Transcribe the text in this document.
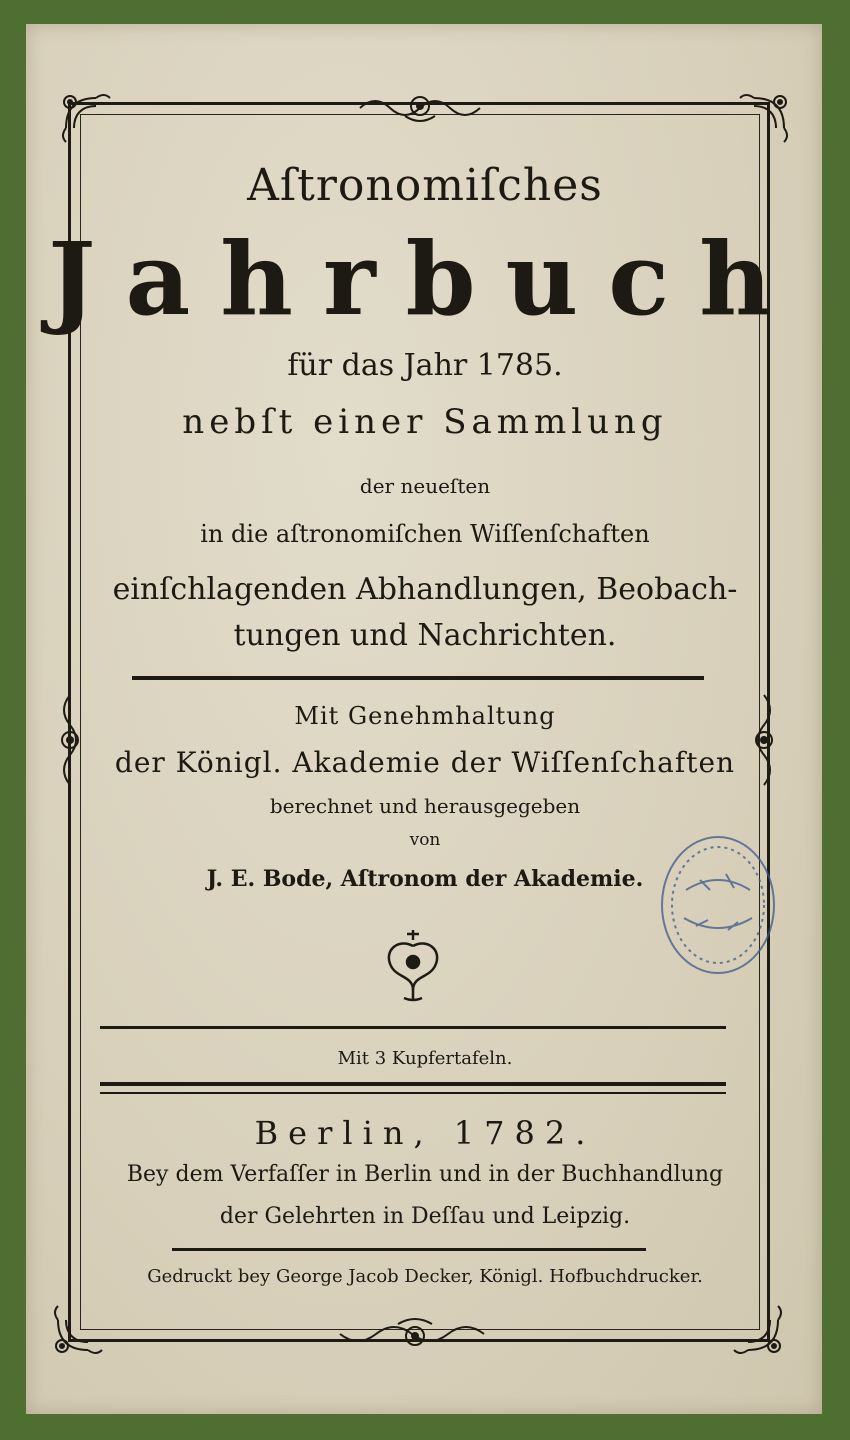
Aſtronomiſches
Jahrbuch
für das Jahr 1785.
nebſt einer Sammlung
der neueſten
in die aſtronomiſchen Wiſſenſchaften
einſchlagenden Abhandlungen, Beobach-
tungen und Nachrichten.
Mit Genehmhaltung
der Königl. Akademie der Wiſſenſchaften
berechnet und herausgegeben
von
J. E. Bode, Aſtronom der Akademie.
Mit 3 Kupfertafeln.
Berlin, 1782.
Bey dem Verfaſſer in Berlin und in der Buchhandlung
der Gelehrten in Deſſau und Leipzig.
Gedruckt bey George Jacob Decker, Königl. Hofbuchdrucker.
